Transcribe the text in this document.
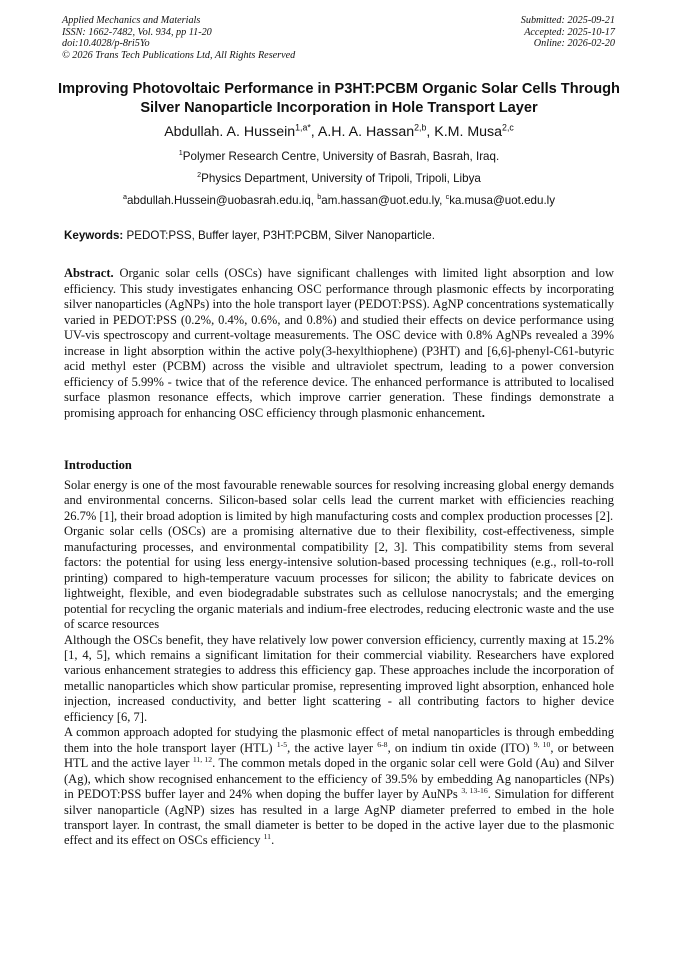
Applied Mechanics and Materials
ISSN: 1662-7482, Vol. 934, pp 11-20
doi:10.4028/p-8ri5Yo
© 2026 Trans Tech Publications Ltd, All Rights Reserved
Submitted: 2025-09-21
Accepted: 2025-10-17
Online: 2026-02-20
Improving Photovoltaic Performance in P3HT:PCBM Organic Solar Cells Through Silver Nanoparticle Incorporation in Hole Transport Layer
Abdullah. A. Hussein$^{1,a*}$, A.H. A. Hassan$^{2,b}$, K.M. Musa$^{2,c}$
$^1$Polymer Research Centre, University of Basrah, Basrah, Iraq.
$^2$Physics Department, University of Tripoli, Tripoli, Libya
$^a$abdullah.Hussein@uobasrah.edu.iq, $^b$am.hassan@uot.edu.ly, $^c$ka.musa@uot.edu.ly
Keywords: PEDOT:PSS, Buffer layer, P3HT:PCBM, Silver Nanoparticle.
Abstract. Organic solar cells (OSCs) have significant challenges with limited light absorption and low efficiency. This study investigates enhancing OSC performance through plasmonic effects by incorporating silver nanoparticles (AgNPs) into the hole transport layer (PEDOT:PSS). AgNP concentrations systematically varied in PEDOT:PSS (0.2%, 0.4%, 0.6%, and 0.8%) and studied their effects on device performance using UV-vis spectroscopy and current-voltage measurements. The OSC device with 0.8% AgNPs revealed a 39% increase in light absorption within the active poly(3-hexylthiophene) (P3HT) and [6,6]-phenyl-C61-butyric acid methyl ester (PCBM) across the visible and ultraviolet spectrum, leading to a power conversion efficiency of 5.99% - twice that of the reference device. The enhanced performance is attributed to localised surface plasmon resonance effects, which improve carrier generation. These findings demonstrate a promising approach for enhancing OSC efficiency through plasmonic enhancement.
Introduction

Solar energy is one of the most favourable renewable sources for resolving increasing global energy demands and environmental concerns. Silicon-based solar cells lead the current market with efficiencies reaching 26.7% [1], their broad adoption is limited by high manufacturing costs and complex production processes [2].

Organic solar cells (OSCs) are a promising alternative due to their flexibility, cost-effectiveness, simple manufacturing processes, and environmental compatibility [2, 3]. This compatibility stems from several factors: the potential for using less energy-intensive solution-based processing techniques (e.g., roll-to-roll printing) compared to high-temperature vacuum processes for silicon; the ability to fabricate devices on lightweight, flexible, and even biodegradable substrates such as cellulose nanocrystals; and the emerging potential for recycling the organic materials and indium-free electrodes, reducing electronic waste and the use of scarce resources

Although the OSCs benefit, they have relatively low power conversion efficiency, currently maxing at 15.2% [1, 4, 5], which remains a significant limitation for their commercial viability. Researchers have explored various enhancement strategies to address this efficiency gap. These approaches include the incorporation of metallic nanoparticles which show particular promise, representing improved light absorption, enhanced hole injection, increased conductivity, and better light scattering - all contributing factors to higher device efficiency [6, 7].

A common approach adopted for studying the plasmonic effect of metal nanoparticles is through embedding them into the hole transport layer (HTL) $^{1-5}$, the active layer $^{6-8}$, on indium tin oxide (ITO) $^{9, 10}$, or between HTL and the active layer $^{11, 12}$. The common metals doped in the organic solar cell were Gold (Au) and Silver (Ag), which show recognised enhancement to the efficiency of 39.5% by embedding Ag nanoparticles (NPs) in PEDOT:PSS buffer layer and 24% when doping the buffer layer by AuNPs $^{3, 13-16}$. Simulation for different silver nanoparticle (AgNP) sizes has resulted in a large AgNP diameter preferred to embed in the hole transport layer. In contrast, the small diameter is better to be doped in the active layer due to the plasmonic effect and its effect on OSCs efficiency $^{11}$.
